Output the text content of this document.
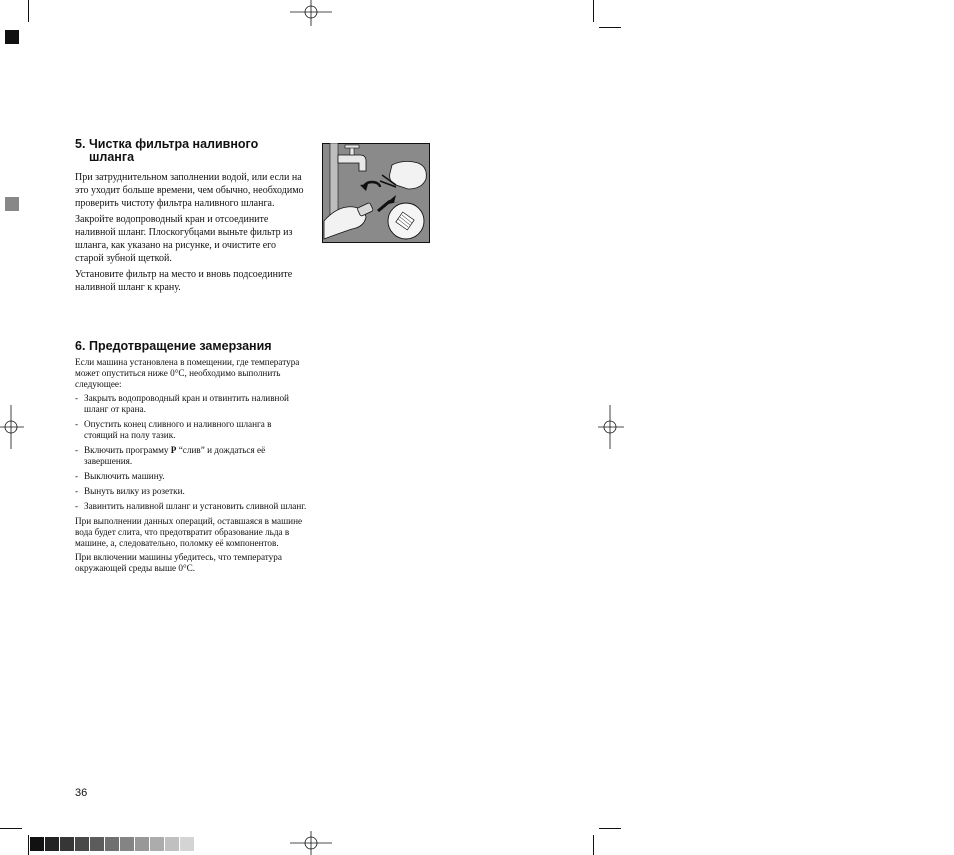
5. Чистка фильтра наливного
шланга

При затруднительном заполнении водой, или если на это уходит больше времени, чем обычно, необходимо проверить чистоту фильтра наливного шланга.

Закройте водопроводный кран и отсоедините наливной шланг. Плоскогубцами выньте фильтр из шланга, как указано на рисунке, и очистите его старой зубной щеткой.

Установите фильтр на место и вновь подсоедините наливной шланг к крану.

6. Предотвращение замерзания

Если машина установлена в помещении, где температура может опуститься ниже 0°C, необходимо выполнить следующее:

- Закрыть водопроводный кран и отвинтить наливной шланг от крана.
- Опустить конец сливного и наливного шланга в стоящий на полу тазик.
- Включить программу P “слив” и дождаться её завершения.
- Выключить машину.
- Вынуть вилку из розетки.
- Завинтить наливной шланг и установить сливной шланг.

При выполнении данных операций, оставшаяся в машине вода будет слита, что предотвратит образование льда в машине, а, следовательно, поломку её компонентов.

При включении машины убедитесь, что температура окружающей среды выше 0°C.

36
